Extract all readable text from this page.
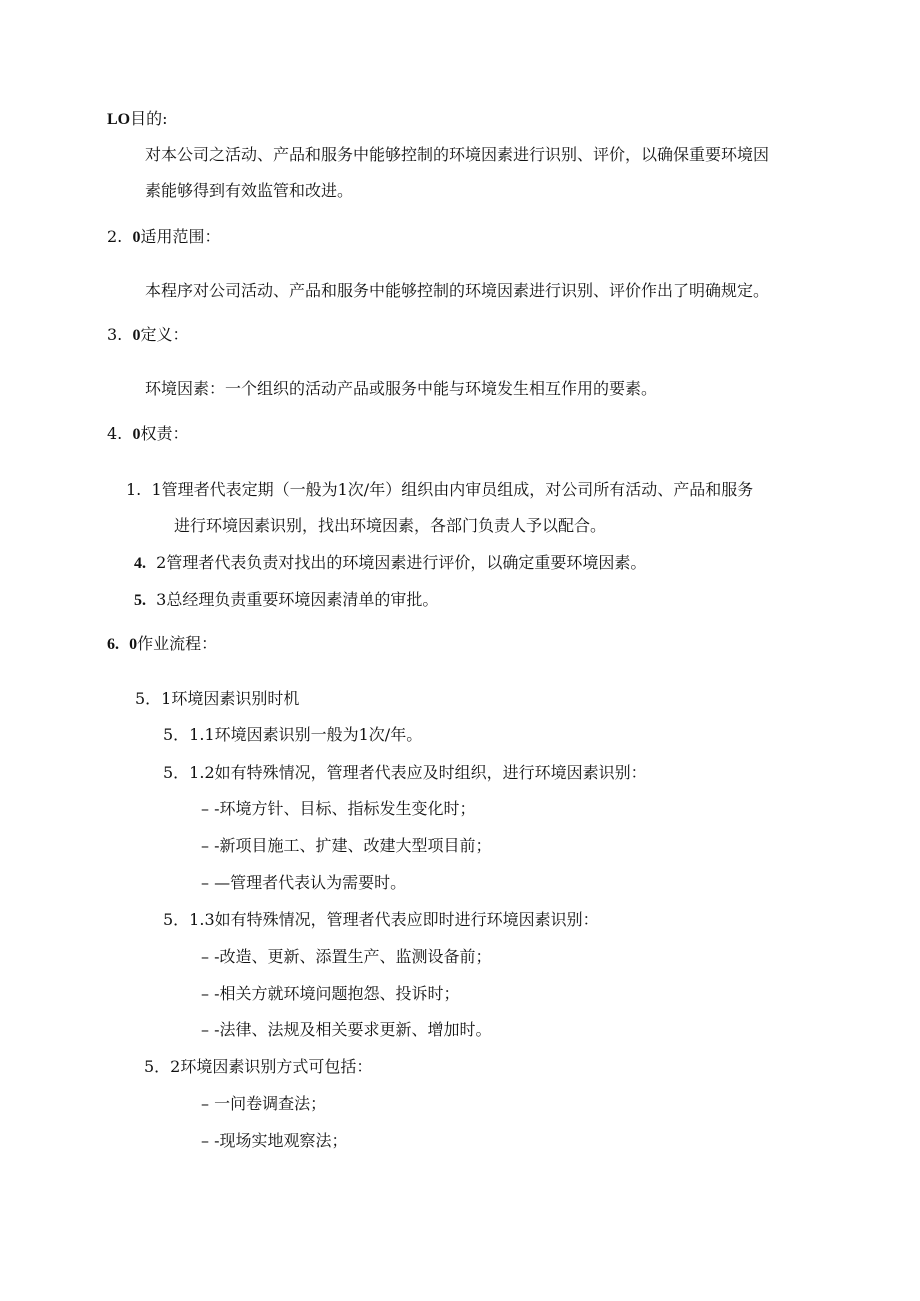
LO目的:
对本公司之活动、产品和服务中能够控制的环境因素进行识别、评价，以确保重要环境因
素能够得到有效监管和改进。
2. 0适用范围：
本程序对公司活动、产品和服务中能够控制的环境因素进行识别、评价作出了明确规定。
3. 0定义：
环境因素：一个组织的活动产品或服务中能与环境发生相互作用的要素。
4. 0权责：
1. 1管理者代表定期（一般为1次/年）组织由内审员组成，对公司所有活动、产品和服务
进行环境因素识别，找出环境因素，各部门负责人予以配合。
4. 2管理者代表负责对找出的环境因素进行评价，以确定重要环境因素。
5. 3总经理负责重要环境因素清单的审批。
6. 0作业流程：
5．1环境因素识别时机
5．1.1环境因素识别一般为1次/年。
5．1.2如有特殊情况，管理者代表应及时组织，进行环境因素识别：
– -环境方针、目标、指标发生变化时；
– -新项目施工、扩建、改建大型项目前；
– —管理者代表认为需要时。
5．1.3如有特殊情况，管理者代表应即时进行环境因素识别：
– -改造、更新、添置生产、监测设备前；
– -相关方就环境问题抱怨、投诉时；
– -法律、法规及相关要求更新、增加时。
5．2环境因素识别方式可包括：
– 一问卷调查法；
– -现场实地观察法；
